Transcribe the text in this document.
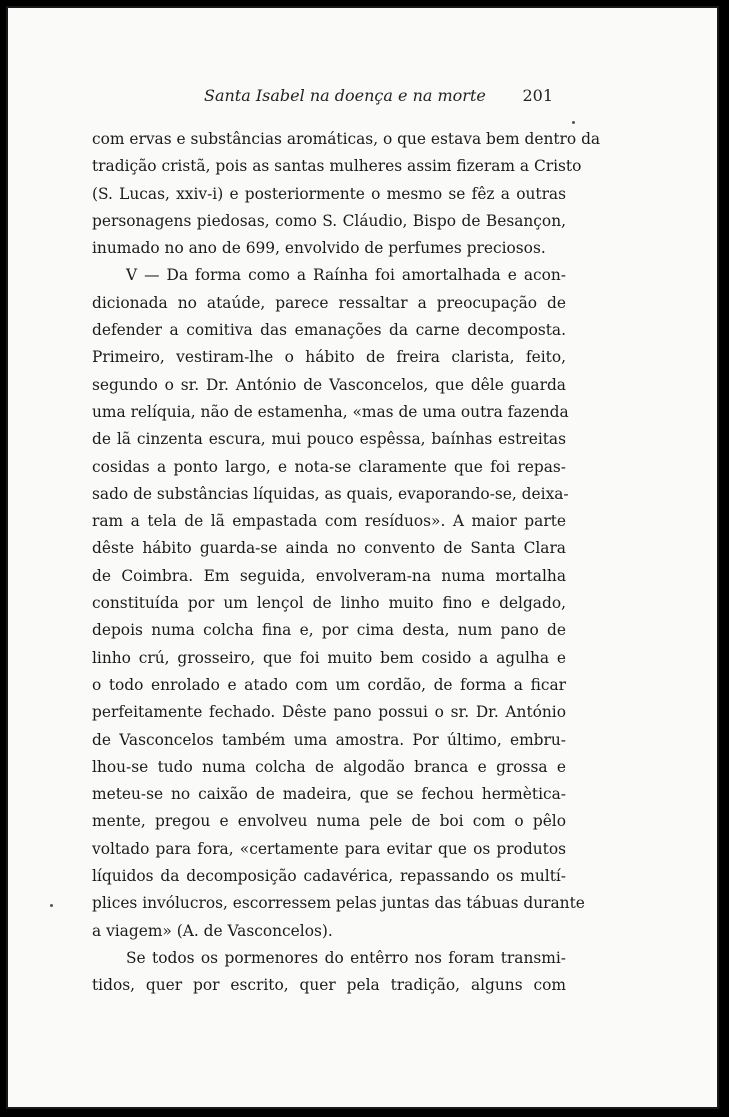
Santa Isabel na doença e na morte 201
com ervas e substâncias aromáticas, o que estava bem dentro da
tradição cristã, pois as santas mulheres assim fizeram a Cristo
(S. Lucas, xxiv-i) e posteriormente o mesmo se fêz a outras
personagens piedosas, como S. Cláudio, Bispo de Besançon,
inumado no ano de 699, envolvido de perfumes preciosos.
V — Da forma como a Raínha foi amortalhada e acon-
dicionada no ataúde, parece ressaltar a preocupação de
defender a comitiva das emanações da carne decomposta.
Primeiro, vestiram-lhe o hábito de freira clarista, feito,
segundo o sr. Dr. António de Vasconcelos, que dêle guarda
uma relíquia, não de estamenha, «mas de uma outra fazenda
de lã cinzenta escura, mui pouco espêssa, baínhas estreitas
cosidas a ponto largo, e nota-se claramente que foi repas-
sado de substâncias líquidas, as quais, evaporando-se, deixa-
ram a tela de lã empastada com resíduos». A maior parte
dêste hábito guarda-se ainda no convento de Santa Clara
de Coimbra. Em seguida, envolveram-na numa mortalha
constituída por um lençol de linho muito fino e delgado,
depois numa colcha fina e, por cima desta, num pano de
linho crú, grosseiro, que foi muito bem cosido a agulha e
o todo enrolado e atado com um cordão, de forma a ficar
perfeitamente fechado. Dêste pano possui o sr. Dr. António
de Vasconcelos também uma amostra. Por último, embru-
lhou-se tudo numa colcha de algodão branca e grossa e
meteu-se no caixão de madeira, que se fechou hermètica-
mente, pregou e envolveu numa pele de boi com o pêlo
voltado para fora, «certamente para evitar que os produtos
líquidos da decomposição cadavérica, repassando os multí-
plices invólucros, escorressem pelas juntas das tábuas durante
a viagem» (A. de Vasconcelos).
Se todos os pormenores do entêrro nos foram transmi-
tidos, quer por escrito, quer pela tradição, alguns com
